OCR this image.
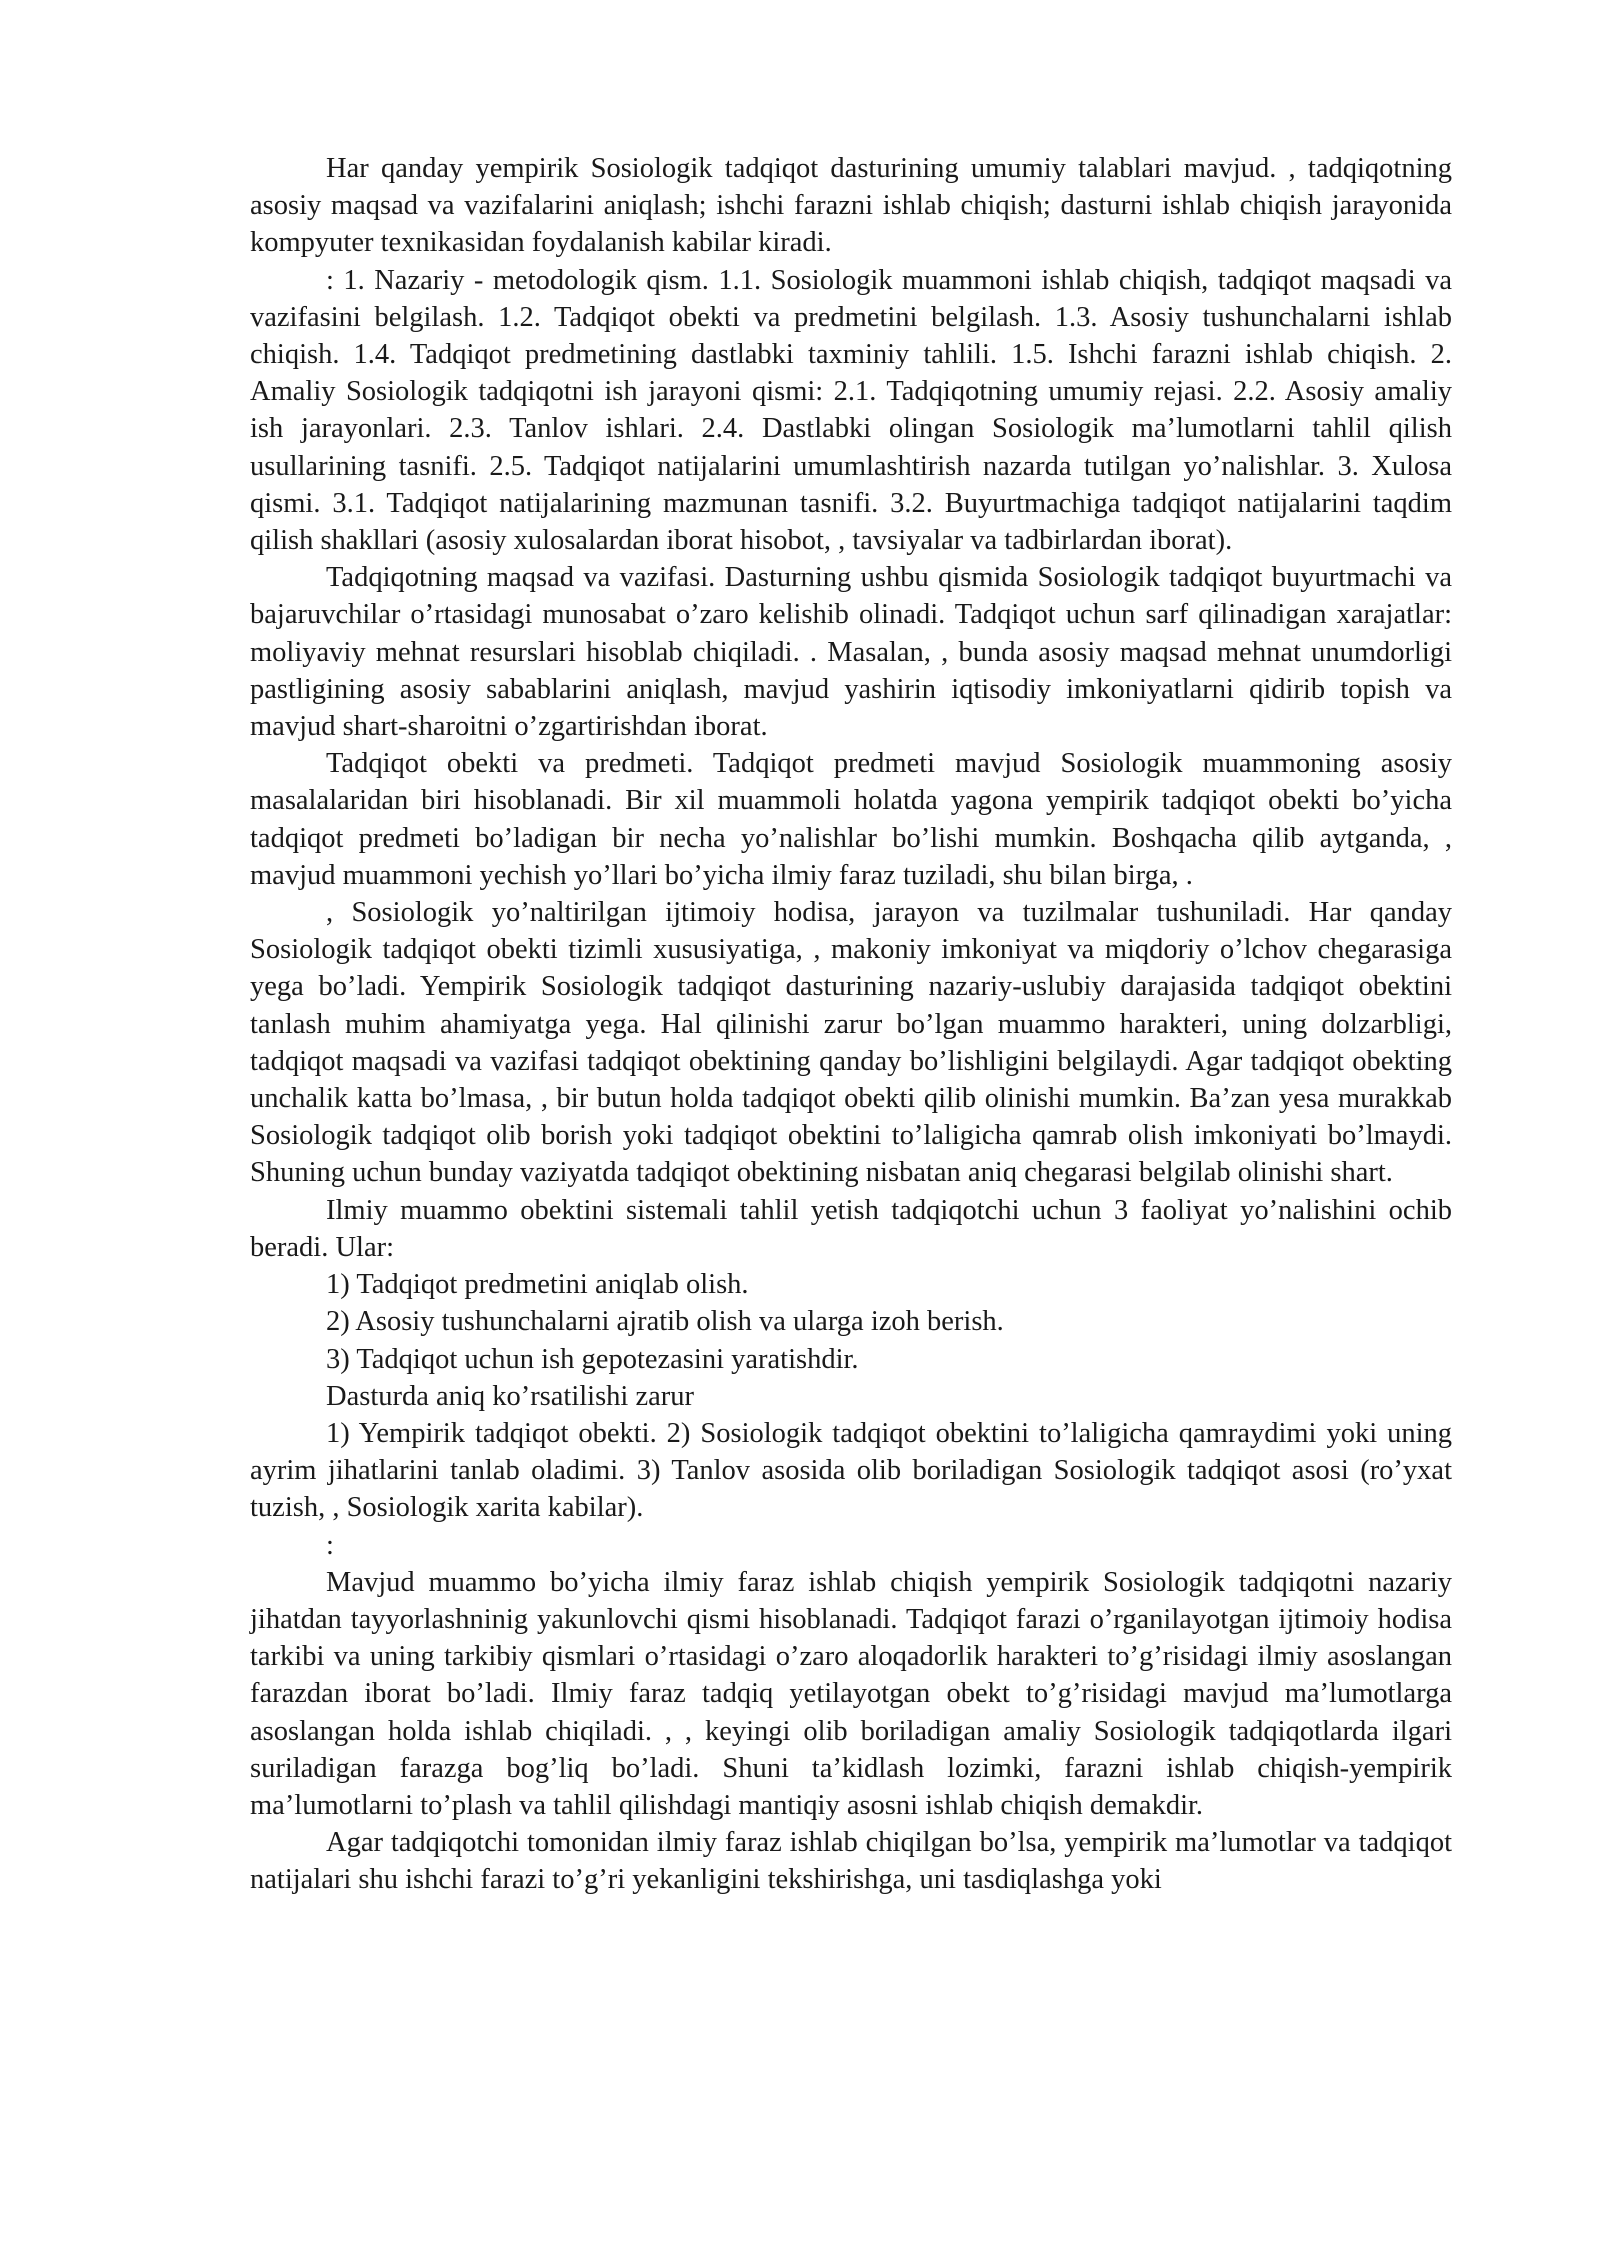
Har qanday yempirik Sosiologik tadqiqot dasturining umumiy talablari mavjud. , tadqiqotning asosiy maqsad va vazifalarini aniqlash; ishchi farazni ishlab chiqish; dasturni ishlab chiqish jarayonida kompyuter texnikasidan foydalanish kabilar kiradi.

: 1. Nazariy - metodologik qism. 1.1. Sosiologik muammoni ishlab chiqish, tadqiqot maqsadi va vazifasini belgilash. 1.2. Tadqiqot obekti va predmetini belgilash. 1.3. Asosiy tushunchalarni ishlab chiqish. 1.4. Tadqiqot predmetining dastlabki taxminiy tahlili. 1.5. Ishchi farazni ishlab chiqish. 2. Amaliy Sosiologik tadqiqotni ish jarayoni qismi: 2.1. Tadqiqotning umumiy rejasi. 2.2. Asosiy amaliy ish jarayonlari. 2.3. Tanlov ishlari. 2.4. Dastlabki olingan Sosiologik ma’lumotlarni tahlil qilish usullarining tasnifi. 2.5. Tadqiqot natijalarini umumlashtirish nazarda tutilgan yo’nalishlar. 3. Xulosa qismi. 3.1. Tadqiqot natijalarining mazmunan tasnifi. 3.2. Buyurtmachiga tadqiqot natijalarini taqdim qilish shakllari (asosiy xulosalardan iborat hisobot, , tavsiyalar va tadbirlardan iborat).

Tadqiqotning maqsad va vazifasi. Dasturning ushbu qismida Sosiologik tadqiqot buyurtmachi va bajaruvchilar o’rtasidagi munosabat o’zaro kelishib olinadi. Tadqiqot uchun sarf qilinadigan xarajatlar: moliyaviy mehnat resurslari hisoblab chiqiladi. . Masalan, , bunda asosiy maqsad mehnat unumdorligi pastligining asosiy sabablarini aniqlash, mavjud yashirin iqtisodiy imkoniyatlarni qidirib topish va mavjud shart-sharoitni o’zgartirishdan iborat.

Tadqiqot obekti va predmeti. Tadqiqot predmeti mavjud Sosiologik muammoning asosiy masalalaridan biri hisoblanadi. Bir xil muammoli holatda yagona yempirik tadqiqot obekti bo’yicha tadqiqot predmeti bo’ladigan bir necha yo’nalishlar bo’lishi mumkin. Boshqacha qilib aytganda, , mavjud muammoni yechish yo’llari bo’yicha ilmiy faraz tuziladi, shu bilan birga, .

, Sosiologik yo’naltirilgan ijtimoiy hodisa, jarayon va tuzilmalar tushuniladi. Har qanday Sosiologik tadqiqot obekti tizimli xususiyatiga, , makoniy imkoniyat va miqdoriy o’lchov chegarasiga yega bo’ladi. Yempirik Sosiologik tadqiqot dasturining nazariy-uslubiy darajasida tadqiqot obektini tanlash muhim ahamiyatga yega. Hal qilinishi zarur bo’lgan muammo harakteri, uning dolzarbligi, tadqiqot maqsadi va vazifasi tadqiqot obektining qanday bo’lishligini belgilaydi. Agar tadqiqot obekting unchalik katta bo’lmasa, , bir butun holda tadqiqot obekti qilib olinishi mumkin. Ba’zan yesa murakkab Sosiologik tadqiqot olib borish yoki tadqiqot obektini to’laligicha qamrab olish imkoniyati bo’lmaydi. Shuning uchun bunday vaziyatda tadqiqot obektining nisbatan aniq chegarasi belgilab olinishi shart.

Ilmiy muammo obektini sistemali tahlil yetish tadqiqotchi uchun 3 faoliyat yo’nalishini ochib beradi. Ular:

1) Tadqiqot predmetini aniqlab olish.

2) Asosiy tushunchalarni ajratib olish va ularga izoh berish.

3) Tadqiqot uchun ish gepotezasini yaratishdir.

Dasturda aniq ko’rsatilishi zarur

1) Yempirik tadqiqot obekti. 2) Sosiologik tadqiqot obektini to’laligicha qamraydimi yoki uning ayrim jihatlarini tanlab oladimi. 3) Tanlov asosida olib boriladigan Sosiologik tadqiqot asosi (ro’yxat tuzish, , Sosiologik xarita kabilar).

:

Mavjud muammo bo’yicha ilmiy faraz ishlab chiqish yempirik Sosiologik tadqiqotni nazariy jihatdan tayyorlashninig yakunlovchi qismi hisoblanadi. Tadqiqot farazi o’rganilayotgan ijtimoiy hodisa tarkibi va uning tarkibiy qismlari o’rtasidagi o’zaro aloqadorlik harakteri to’g’risidagi ilmiy asoslangan farazdan iborat bo’ladi. Ilmiy faraz tadqiq yetilayotgan obekt to’g’risidagi mavjud ma’lumotlarga asoslangan holda ishlab chiqiladi. , , keyingi olib boriladigan amaliy Sosiologik tadqiqotlarda ilgari suriladigan farazga bog’liq bo’ladi. Shuni ta’kidlash lozimki, farazni ishlab chiqish-yempirik ma’lumotlarni to’plash va tahlil qilishdagi mantiqiy asosni ishlab chiqish demakdir.

Agar tadqiqotchi tomonidan ilmiy faraz ishlab chiqilgan bo’lsa, yempirik ma’lumotlar va tadqiqot natijalari shu ishchi farazi to’g’ri yekanligini tekshirishga, uni tasdiqlashga yoki
